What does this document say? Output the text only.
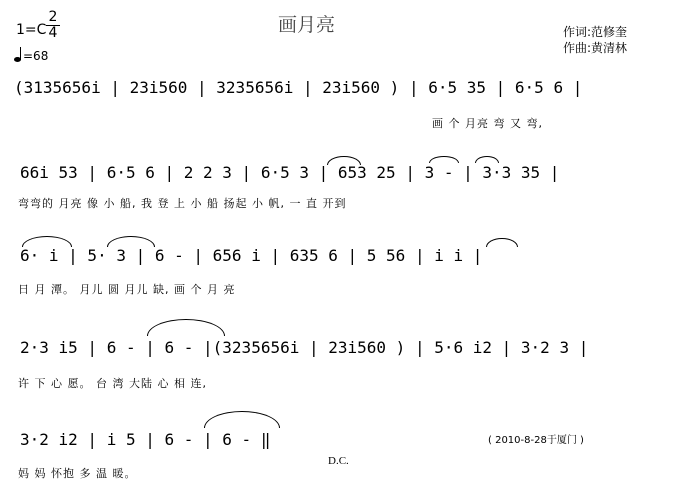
画月亮
1=C
2
4
=68
作词:范修奎
作曲:黄清林
(3135656i | 23i560 | 3235656i | 23i560 ) | 6·5 35 | 6·5 6 |
画 个 月亮 弯 又 弯,
66i 53 | 6·5 6 | 2 2 3 | 6·5 3 | 653 25 | 3 - | 3·3 35 |
弯弯的 月亮 像 小 船, 我 登 上 小 船 扬起 小 帆, 一 直 开到
6· i | 5· 3 | 6 - | 656 i | 635 6 | 5 56 | i i |
日 月 潭。 月儿 圆 月儿 缺, 画 个 月 亮
2·3 i5 | 6 - | 6 - |(3235656i | 23i560 ) | 5·6 i2 | 3·2 3 |
许 下 心 愿。 台 湾 大陆 心 相 连,
3·2 i2 | i 5 | 6 - | 6 - ‖
妈 妈 怀抱 多 温 暖。
( 2010-8-28于厦门 )
D.C.
